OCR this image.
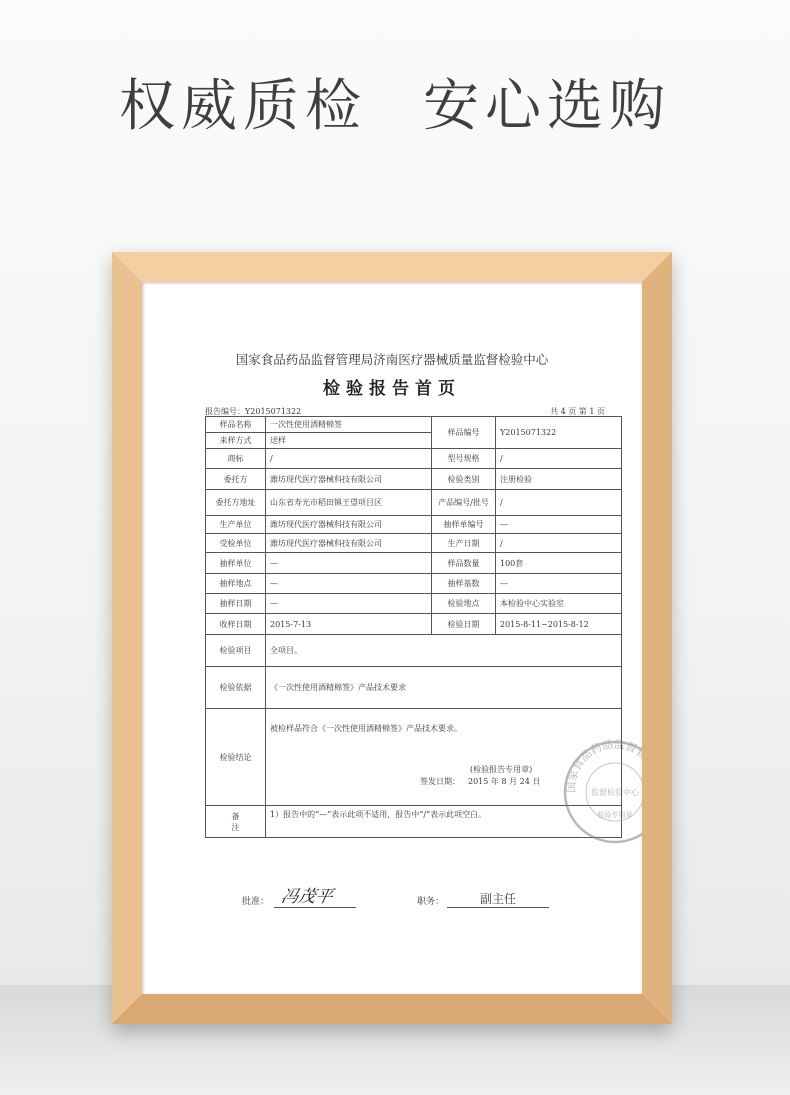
权威质检 安心选购
国家食品药品监督管理局济南医疗器械质量监督检验中心
检验报告首页
报告编号：Y2015071322	共 4 页 第 1 页
样品名称	一次性使用酒精棉签	样品编号	Y2015071322
来样方式	送样		
商标	/	型号规格	/
委托方	潍坊现代医疗器械科技有限公司	检验类别	注册检验
委托方地址	山东省寿光市稻田镇王望项目区	产品编号/批号	/
生产单位	潍坊现代医疗器械科技有限公司	抽样单编号	—
受检单位	潍坊现代医疗器械科技有限公司	生产日期	/
抽样单位	—	样品数量	100套
抽样地点	—	抽样基数	—
抽样日期	—	检验地点	本检验中心实验室
收样日期	2015-7-13	检验日期	2015-8-11~2015-8-12
检验项目	全项目。		
检验依据	《一次性使用酒精棉签》产品技术要求		
检验结论	被检样品符合《一次性使用酒精棉签》产品技术要求。
(检验报告专用章)
签发日期： 2015 年 8 月 24 日		

备
注	1）报告中的“—”表示此项不适用，报告中“/”表示此项空白。		
国家食品药品监督管理局
监督检验中心
检验专用章
批准： 冯茂平	职务：	副主任
